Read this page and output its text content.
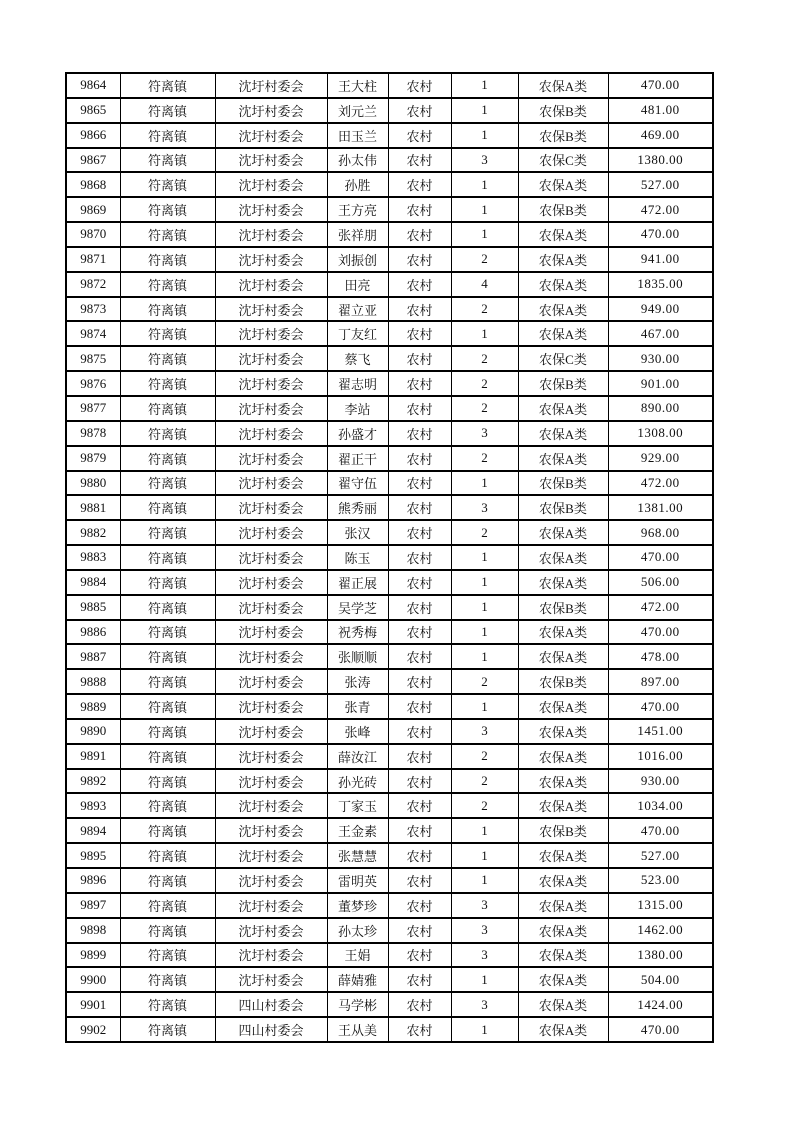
9864	符离镇	沈圩村委会	王大柱	农村	1	农保A类	470.00
9865	符离镇	沈圩村委会	刘元兰	农村	1	农保B类	481.00
9866	符离镇	沈圩村委会	田玉兰	农村	1	农保B类	469.00
9867	符离镇	沈圩村委会	孙太伟	农村	3	农保C类	1380.00
9868	符离镇	沈圩村委会	孙胜	农村	1	农保A类	527.00
9869	符离镇	沈圩村委会	王方亮	农村	1	农保B类	472.00
9870	符离镇	沈圩村委会	张祥朋	农村	1	农保A类	470.00
9871	符离镇	沈圩村委会	刘振创	农村	2	农保A类	941.00
9872	符离镇	沈圩村委会	田亮	农村	4	农保A类	1835.00
9873	符离镇	沈圩村委会	翟立亚	农村	2	农保A类	949.00
9874	符离镇	沈圩村委会	丁友红	农村	1	农保A类	467.00
9875	符离镇	沈圩村委会	蔡飞	农村	2	农保C类	930.00
9876	符离镇	沈圩村委会	翟志明	农村	2	农保B类	901.00
9877	符离镇	沈圩村委会	李站	农村	2	农保A类	890.00
9878	符离镇	沈圩村委会	孙盛才	农村	3	农保A类	1308.00
9879	符离镇	沈圩村委会	翟正干	农村	2	农保A类	929.00
9880	符离镇	沈圩村委会	翟守伍	农村	1	农保B类	472.00
9881	符离镇	沈圩村委会	熊秀丽	农村	3	农保B类	1381.00
9882	符离镇	沈圩村委会	张汉	农村	2	农保A类	968.00
9883	符离镇	沈圩村委会	陈玉	农村	1	农保A类	470.00
9884	符离镇	沈圩村委会	翟正展	农村	1	农保A类	506.00
9885	符离镇	沈圩村委会	吴学芝	农村	1	农保B类	472.00
9886	符离镇	沈圩村委会	祝秀梅	农村	1	农保A类	470.00
9887	符离镇	沈圩村委会	张顺顺	农村	1	农保A类	478.00
9888	符离镇	沈圩村委会	张涛	农村	2	农保B类	897.00
9889	符离镇	沈圩村委会	张青	农村	1	农保A类	470.00
9890	符离镇	沈圩村委会	张峰	农村	3	农保A类	1451.00
9891	符离镇	沈圩村委会	薛汝江	农村	2	农保A类	1016.00
9892	符离镇	沈圩村委会	孙光砖	农村	2	农保A类	930.00
9893	符离镇	沈圩村委会	丁家玉	农村	2	农保A类	1034.00
9894	符离镇	沈圩村委会	王金素	农村	1	农保B类	470.00
9895	符离镇	沈圩村委会	张慧慧	农村	1	农保A类	527.00
9896	符离镇	沈圩村委会	雷明英	农村	1	农保A类	523.00
9897	符离镇	沈圩村委会	董梦珍	农村	3	农保A类	1315.00
9898	符离镇	沈圩村委会	孙太珍	农村	3	农保A类	1462.00
9899	符离镇	沈圩村委会	王娟	农村	3	农保A类	1380.00
9900	符离镇	沈圩村委会	薛婧雅	农村	1	农保A类	504.00
9901	符离镇	四山村委会	马学彬	农村	3	农保A类	1424.00
9902	符离镇	四山村委会	王从美	农村	1	农保A类	470.00
